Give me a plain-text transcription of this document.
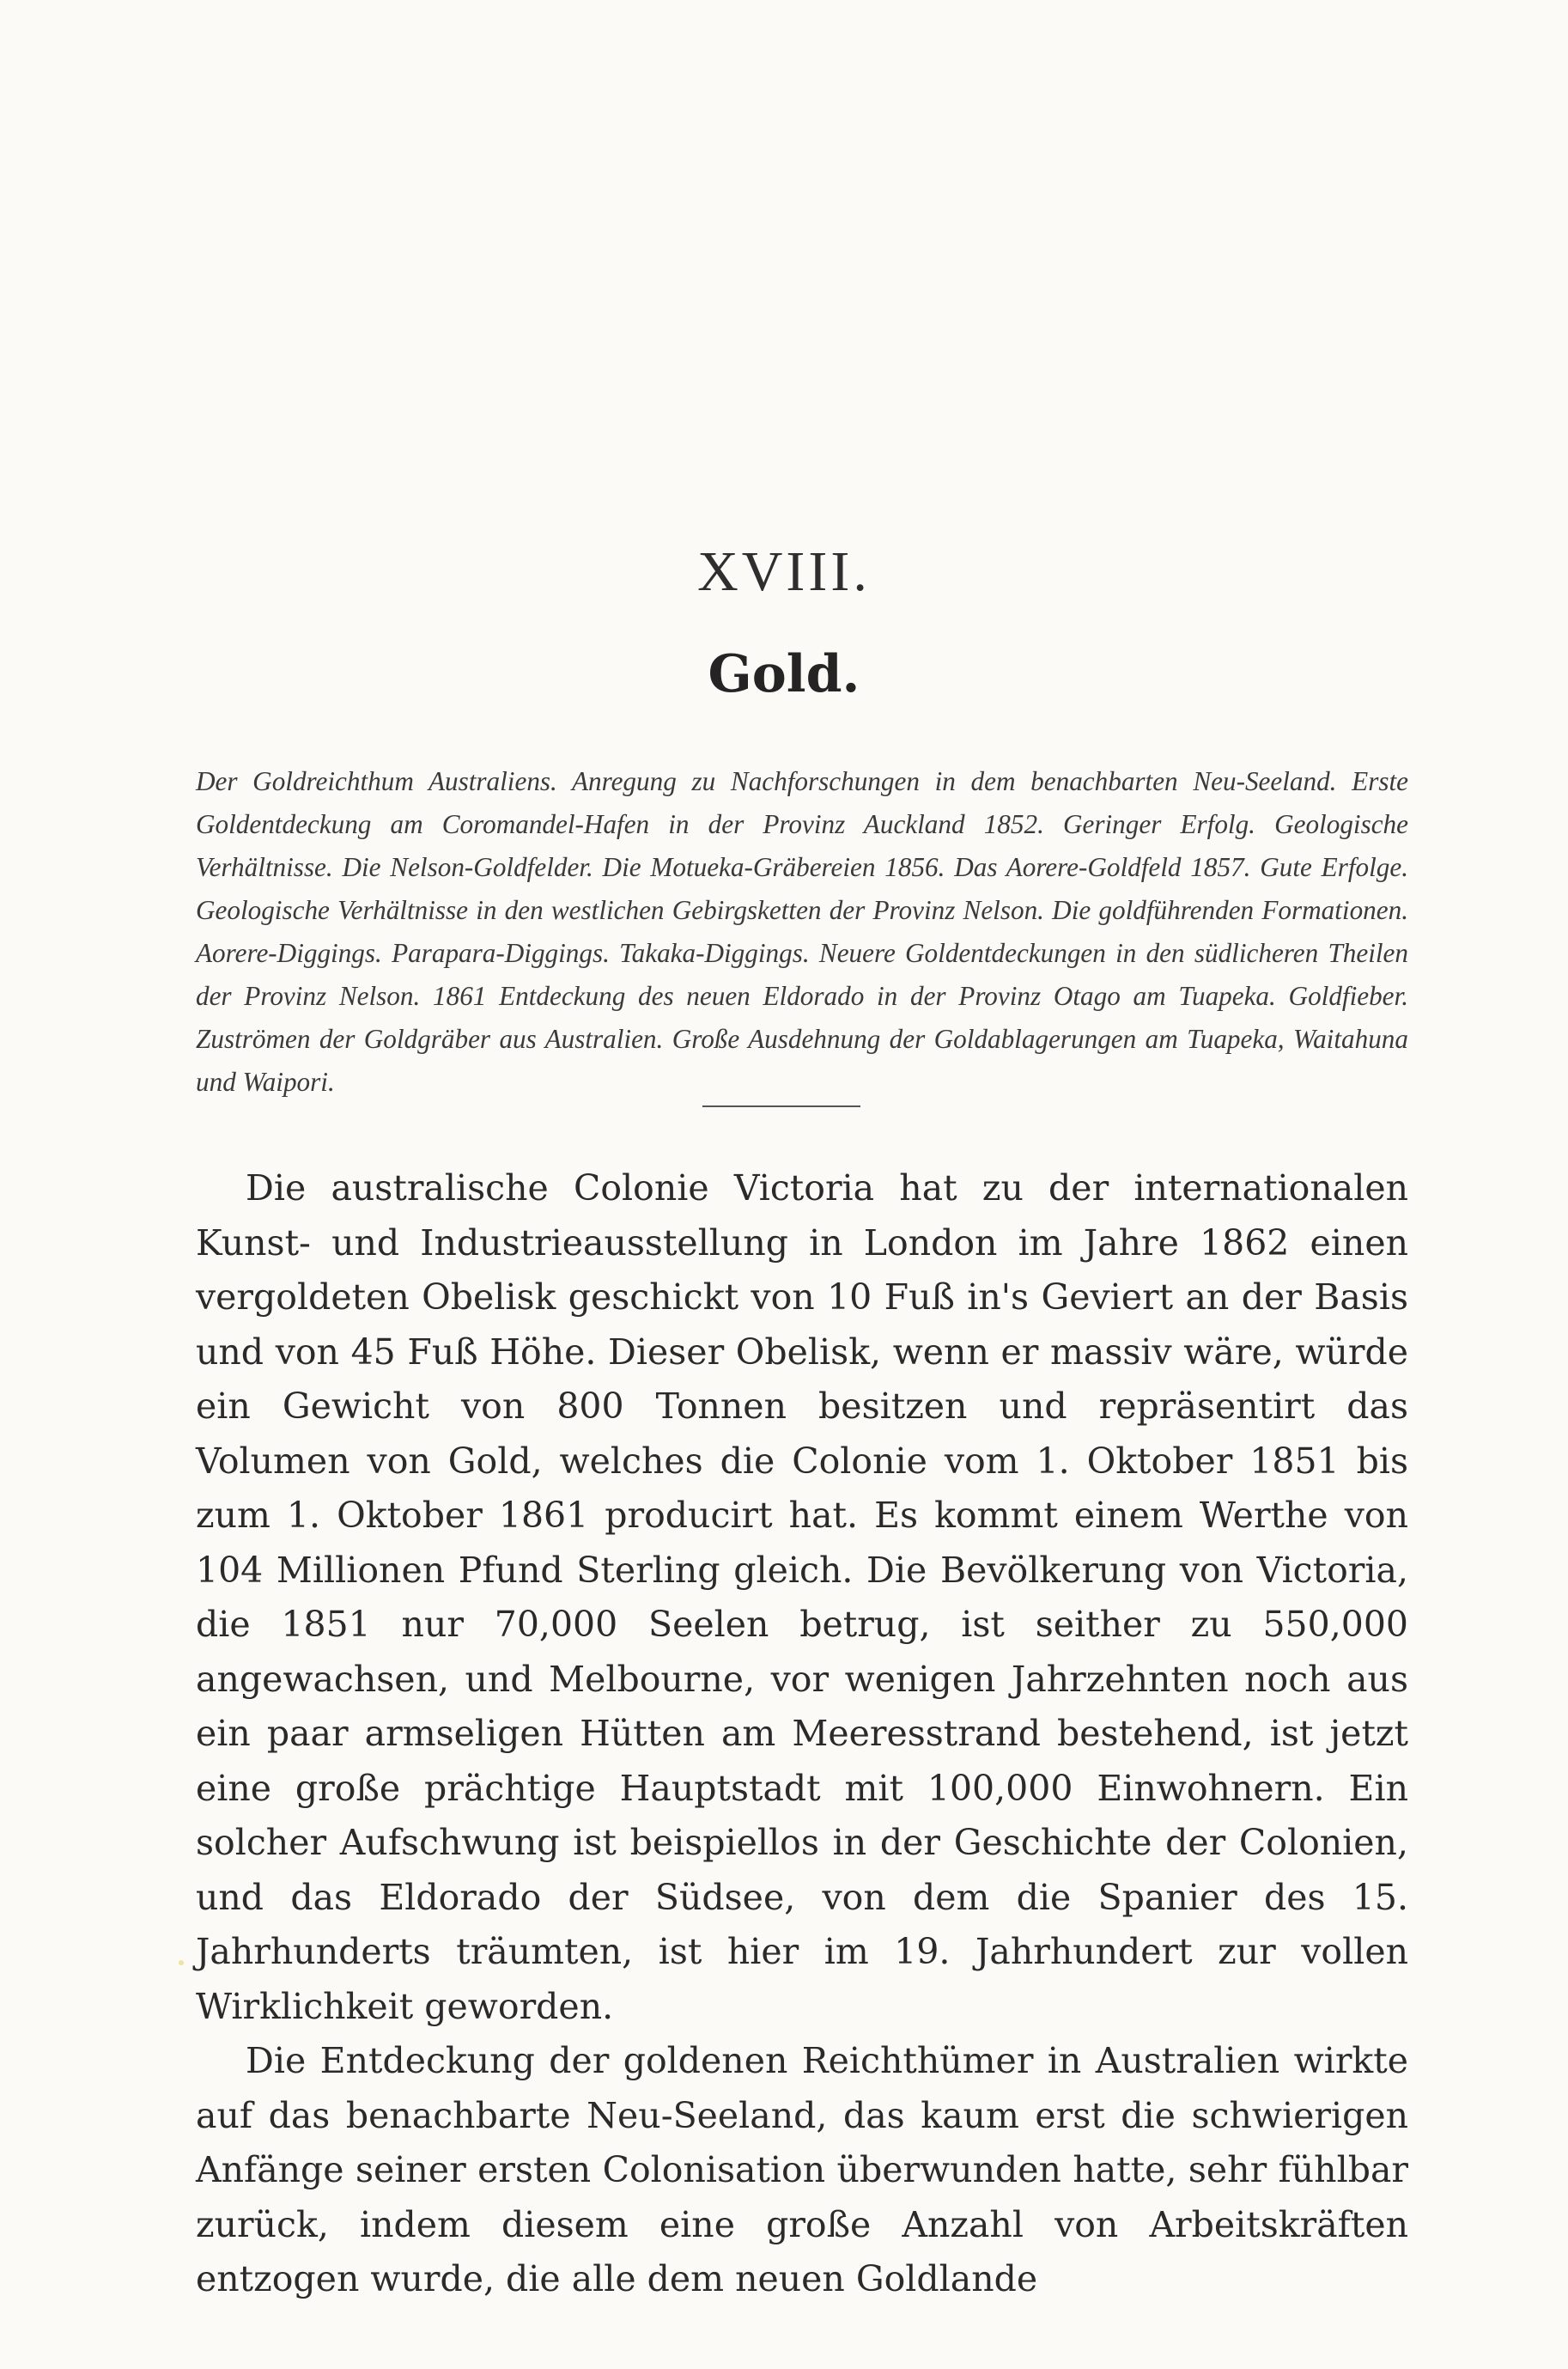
XVIII.
Gold.
Der Goldreichthum Australiens. Anregung zu Nachforschungen in dem benachbarten Neu-Seeland. Erste Goldentdeckung am Coromandel-Hafen in der Provinz Auckland 1852. Geringer Erfolg. Geologische Verhältnisse. Die Nelson-Goldfelder. Die Motueka-Gräbereien 1856. Das Aorere-Goldfeld 1857. Gute Erfolge. Geologische Verhältnisse in den westlichen Gebirgsketten der Provinz Nelson. Die goldführenden Formationen. Aorere-Diggings. Parapara-Diggings. Takaka-Diggings. Neuere Goldentdeckungen in den südlicheren Theilen der Provinz Nelson. 1861 Entdeckung des neuen Eldorado in der Provinz Otago am Tuapeka. Goldfieber. Zuströmen der Goldgräber aus Australien. Große Ausdehnung der Goldablagerungen am Tuapeka, Waitahuna und Waipori.

Die australische Colonie Victoria hat zu der internationalen Kunst- und Industrieausstellung in London im Jahre 1862 einen vergoldeten Obelisk geschickt von 10 Fuß in's Geviert an der Basis und von 45 Fuß Höhe. Dieser Obelisk, wenn er massiv wäre, würde ein Gewicht von 800 Tonnen besitzen und repräsentirt das Volumen von Gold, welches die Colonie vom 1. Oktober 1851 bis zum 1. Oktober 1861 producirt hat. Es kommt einem Werthe von 104 Millionen Pfund Sterling gleich. Die Bevölkerung von Victoria, die 1851 nur 70,000 Seelen betrug, ist seither zu 550,000 angewachsen, und Melbourne, vor wenigen Jahrzehnten noch aus ein paar armseligen Hütten am Meeresstrand bestehend, ist jetzt eine große prächtige Hauptstadt mit 100,000 Einwohnern. Ein solcher Aufschwung ist beispiellos in der Geschichte der Colonien, und das Eldorado der Südsee, von dem die Spanier des 15. Jahrhunderts träumten, ist hier im 19. Jahrhundert zur vollen Wirklichkeit geworden.

Die Entdeckung der goldenen Reichthümer in Australien wirkte auf das benachbarte Neu-Seeland, das kaum erst die schwierigen Anfänge seiner ersten Colonisation überwunden hatte, sehr fühlbar zurück, indem diesem eine große Anzahl von Arbeitskräften entzogen wurde, die alle dem neuen Goldlande
